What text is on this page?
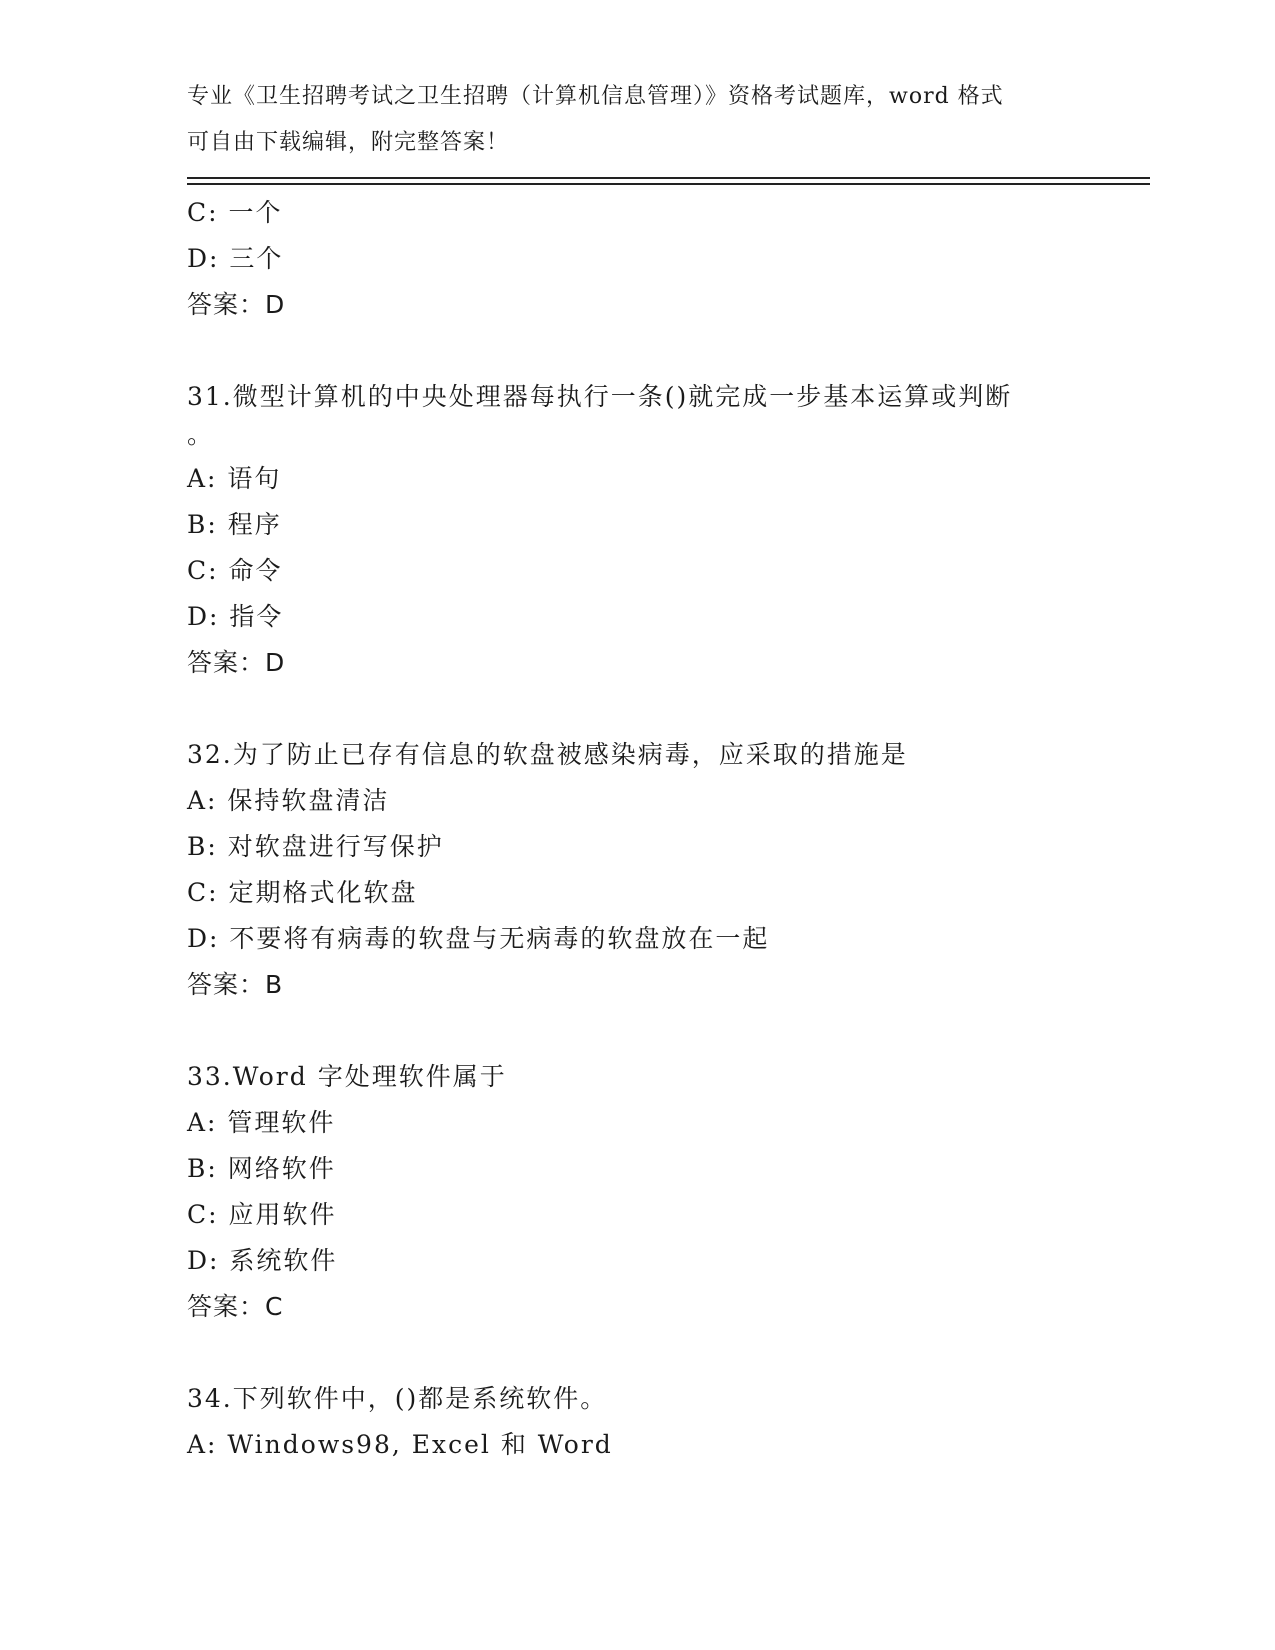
专业《卫生招聘考试之卫生招聘（计算机信息管理）》资格考试题库，word 格式
可自由下载编辑，附完整答案！
C: 一个
D: 三个
答案：D
31.微型计算机的中央处理器每执行一条()就完成一步基本运算或判断
。
A: 语句
B: 程序
C: 命令
D: 指令
答案：D
32.为了防止已存有信息的软盘被感染病毒，应采取的措施是
A: 保持软盘清洁
B: 对软盘进行写保护
C: 定期格式化软盘
D: 不要将有病毒的软盘与无病毒的软盘放在一起
答案：B
33.Word 字处理软件属于
A: 管理软件
B: 网络软件
C: 应用软件
D: 系统软件
答案：C
34.下列软件中，()都是系统软件。
A: Windows98, Excel 和 Word
